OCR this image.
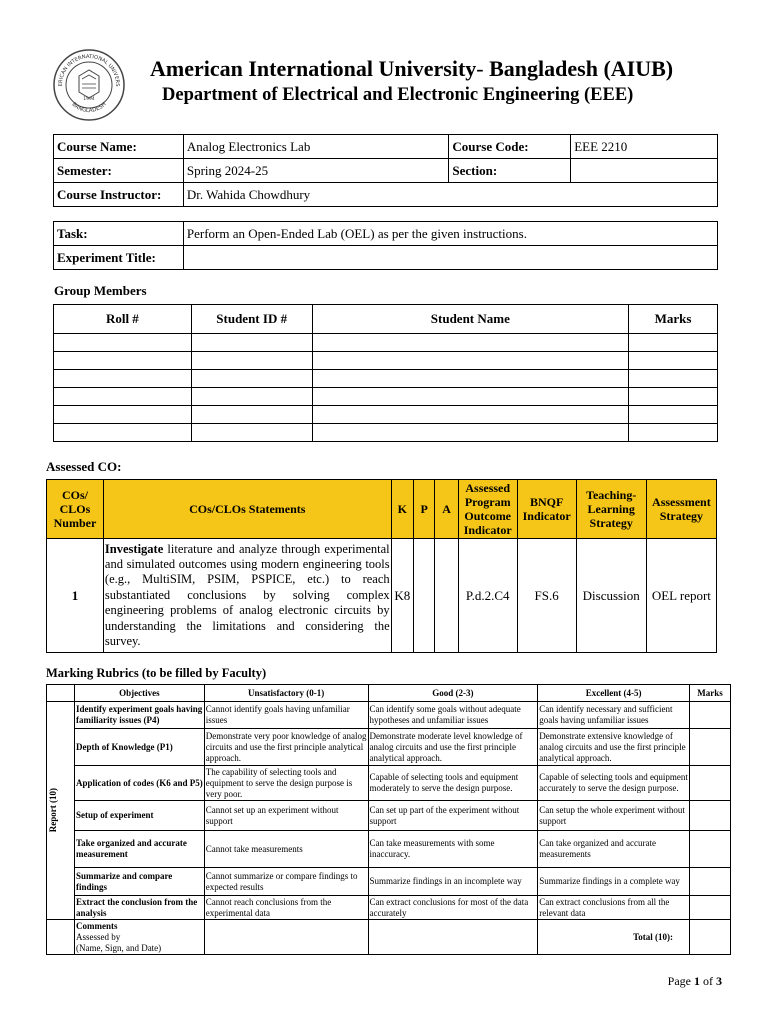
ERICAN INTERNATIONAL UNIVERS
BANGLADESH
1994
American International University- Bangladesh (AIUB)
Department of Electrical and Electronic Engineering (EEE)
Course Name:	Analog Electronics Lab	Course Code:	EEE 2210
Semester:	Spring 2024-25	Section:	
Course Instructor:	Dr. Wahida Chowdhury		
Task:	Perform an Open-Ended Lab (OEL) as per the given instructions.
Experiment Title:	
Group Members
Roll #	Student ID #	Student Name	Marks

Assessed CO:
COs/ CLOs Number	COs/CLOs Statements	K	P	A	Assessed Program Outcome Indicator	BNQF Indicator	Teaching-Learning Strategy	Assessment Strategy
1	Investigate literature and analyze through experimental and simulated outcomes using modern engineering tools (e.g., MultiSIM, PSIM, PSPICE, etc.) to reach substantiated conclusions by solving complex engineering problems of analog electronic circuits by understanding the limitations and considering the survey.	K8			P.d.2.C4	FS.6	Discussion	OEL report
Marking Rubrics (to be filled by Faculty)
	Objectives	Unsatisfactory (0-1)	Good (2-3)	Excellent (4-5)	Marks

Report (10)	Identify experiment goals having familiarity issues (P4)	Cannot identify goals having unfamiliar issues	Can identify some goals without adequate hypotheses and unfamiliar issues	Can identify necessary and sufficient goals having unfamiliar issues	
	Depth of Knowledge (P1)	Demonstrate very poor knowledge of analog circuits and use the first principle analytical approach.	Demonstrate moderate level knowledge of analog circuits and use the first principle analytical approach.	Demonstrate extensive knowledge of analog circuits and use the first principle analytical approach.	
	Application of codes (K6 and P5)	The capability of selecting tools and equipment to serve the design purpose is very poor.	Capable of selecting tools and equipment moderately to serve the design purpose.	Capable of selecting tools and equipment accurately to serve the design purpose.	
	Setup of experiment	Cannot set up an experiment without support	Can set up part of the experiment without support	Can setup the whole experiment without support	
	Take organized and accurate measurement	Cannot take measurements	Can take measurements with some inaccuracy.	Can take organized and accurate measurements	
	Summarize and compare findings	Cannot summarize or compare findings to expected results	Summarize findings in an incomplete way	Summarize findings in a complete way	
	Extract the conclusion from the analysis	Cannot reach conclusions from the experimental data	Can extract conclusions for most of the data accurately	Can extract conclusions from all the relevant data	

	Comments
Assessed by
(Name, Sign, and Date)			Total (10):	
Page 1 of 3
